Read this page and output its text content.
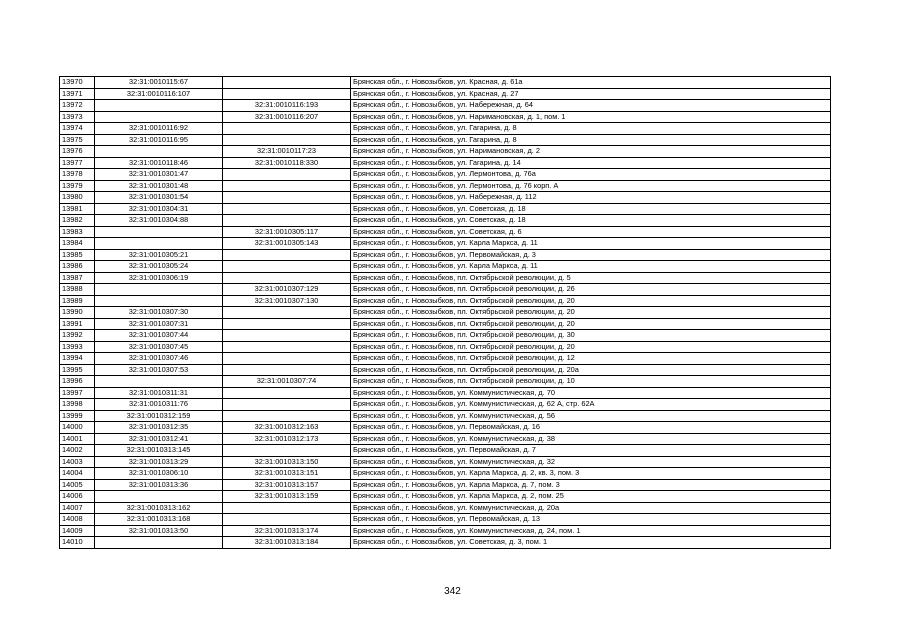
13970	32:31:0010115:67		Брянская обл., г. Новозыбков, ул. Красная, д. 61а
13971	32:31:0010116:107		Брянская обл., г. Новозыбков, ул. Красная, д. 27
13972		32:31:0010116:193	Брянская обл., г. Новозыбков, ул. Набережная, д. 64
13973		32:31:0010116:207	Брянская обл., г. Новозыбков, ул. Наримановская, д. 1, пом. 1
13974	32:31:0010116:92		Брянская обл., г. Новозыбков, ул. Гагарина, д. 8
13975	32:31:0010116:95		Брянская обл., г. Новозыбков, ул. Гагарина, д. 8
13976		32:31:0010117:23	Брянская обл., г. Новозыбков, ул. Наримановская, д. 2
13977	32:31:0010118:46	32:31:0010118:330	Брянская обл., г. Новозыбков, ул. Гагарина, д. 14
13978	32:31:0010301:47		Брянская обл., г. Новозыбков, ул. Лермонтова, д. 76а
13979	32:31:0010301:48		Брянская обл., г. Новозыбков, ул. Лермонтова, д. 76 корп. А
13980	32:31:0010301:54		Брянская обл., г. Новозыбков, ул. Набережная, д. 112
13981	32:31:0010304:31		Брянская обл., г. Новозыбков, ул. Советская, д. 18
13982	32:31:0010304:88		Брянская обл., г. Новозыбков, ул. Советская, д. 18
13983		32:31:0010305:117	Брянская обл., г. Новозыбков, ул. Советская, д. 6
13984		32:31:0010305:143	Брянская обл., г. Новозыбков, ул. Карла Маркса, д. 11
13985	32:31:0010305:21		Брянская обл., г. Новозыбков, ул. Первомайская, д. 3
13986	32:31:0010305:24		Брянская обл., г. Новозыбков, ул. Карла Маркса, д. 11
13987	32:31:0010306:19		Брянская обл., г. Новозыбков, пл. Октябрьской революции, д. 5
13988		32:31:0010307:129	Брянская обл., г. Новозыбков, пл. Октябрьской революции, д. 26
13989		32:31:0010307:130	Брянская обл., г. Новозыбков, пл. Октябрьской революции, д. 20
13990	32:31:0010307:30		Брянская обл., г. Новозыбков, пл. Октябрьской революции, д. 20
13991	32:31:0010307:31		Брянская обл., г. Новозыбков, пл. Октябрьской революции, д. 20
13992	32:31:0010307:44		Брянская обл., г. Новозыбков, пл. Октябрьской революции, д. 30
13993	32:31:0010307:45		Брянская обл., г. Новозыбков, пл. Октябрьской революции, д. 20
13994	32:31:0010307:46		Брянская обл., г. Новозыбков, пл. Октябрьской революции, д. 12
13995	32:31:0010307:53		Брянская обл., г. Новозыбков, пл. Октябрьской революции, д. 20а
13996		32:31:0010307:74	Брянская обл., г. Новозыбков, пл. Октябрьской революции, д. 10
13997	32:31:0010311:31		Брянская обл., г. Новозыбков, ул. Коммунистическая, д. 70
13998	32:31:0010311:76		Брянская обл., г. Новозыбков, ул. Коммунистическая, д. 62 А, стр. 62А
13999	32:31:0010312:159		Брянская обл., г. Новозыбков, ул. Коммунистическая, д. 56
14000	32:31:0010312:35	32:31:0010312:163	Брянская обл., г. Новозыбков, ул. Первомайская, д. 16
14001	32:31:0010312:41	32:31:0010312:173	Брянская обл., г. Новозыбков, ул. Коммунистическая, д. 38
14002	32:31:0010313:145		Брянская обл., г. Новозыбков, ул. Первомайская, д. 7
14003	32:31:0010313:29	32:31:0010313:150	Брянская обл., г. Новозыбков, ул. Коммунистическая, д. 32
14004	32:31:0010306:10	32:31:0010313:151	Брянская обл., г. Новозыбков, ул. Карла Маркса, д. 2, кв. 3, пом. 3
14005	32:31:0010313:36	32:31:0010313:157	Брянская обл., г. Новозыбков, ул. Карла Маркса, д. 7, пом. 3
14006		32:31:0010313:159	Брянская обл., г. Новозыбков, ул. Карла Маркса, д. 2, пом. 25
14007	32:31:0010313:162		Брянская обл., г. Новозыбков, ул. Коммунистическая, д. 20а
14008	32:31:0010313:168		Брянская обл., г. Новозыбков, ул. Первомайская, д. 13
14009	32:31:0010313:50	32:31:0010313:174	Брянская обл., г. Новозыбков, ул. Коммунистическая, д. 24, пом. 1
14010		32:31:0010313:184	Брянская обл., г. Новозыбков, ул. Советская, д. 3, пом. 1
342
